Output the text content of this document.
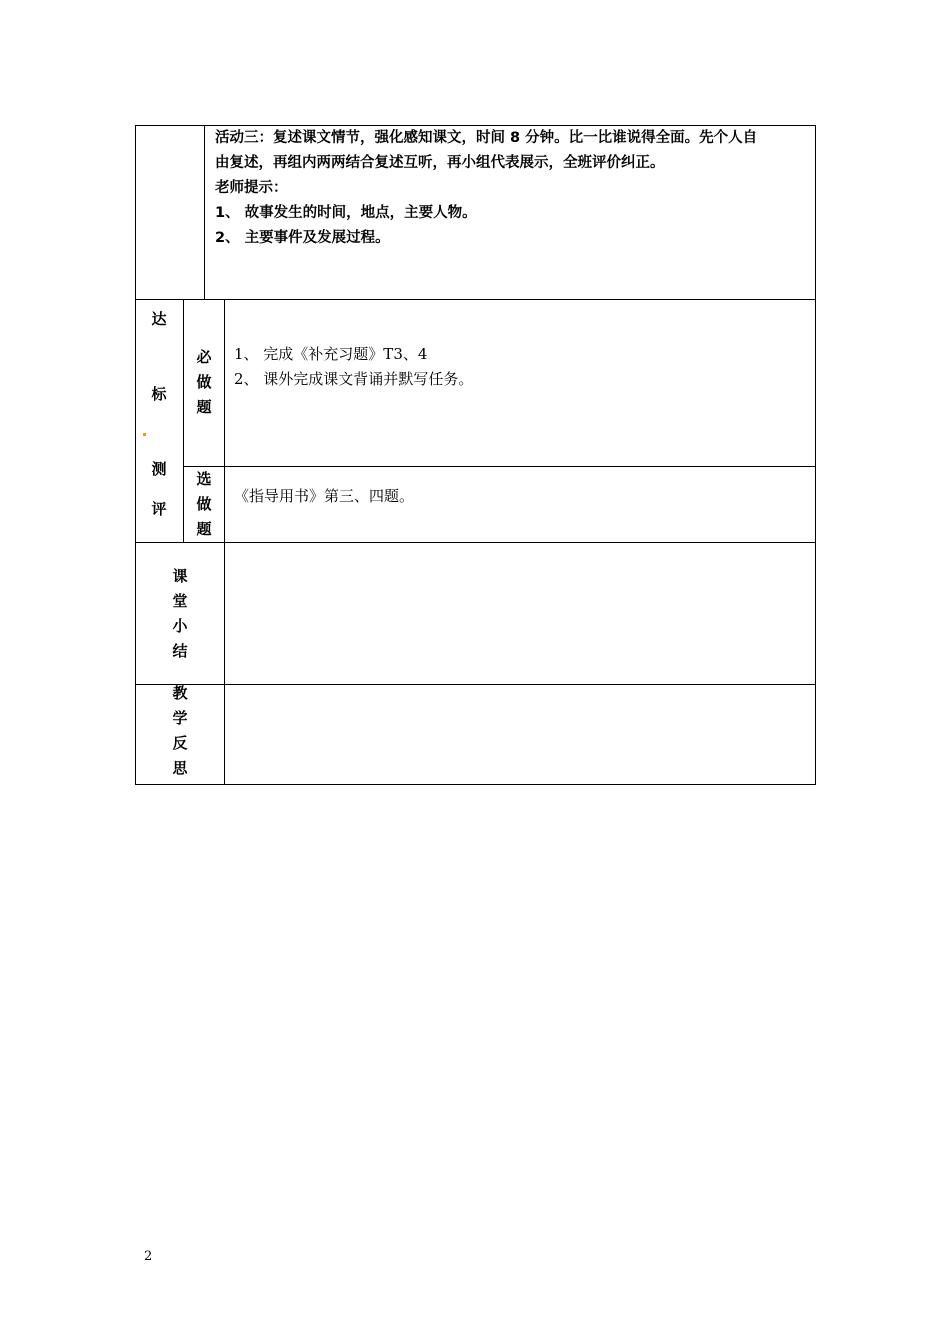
活动三：复述课文情节，强化感知课文，时间 8 分钟。比一比谁说得全面。先个人自
由复述，再组内两两结合复述互听，再小组代表展示，全班评价纠正。
老师提示：
1、 故事发生的时间，地点，主要人物。
2、 主要事件及发展过程。
达
标
测
评
必
做
题
1、 完成《补充习题》T3、4
2、 课外完成课文背诵并默写任务。
选
做
题
《指导用书》第三、四题。
课
堂
小
结
教
学
反
思
2
